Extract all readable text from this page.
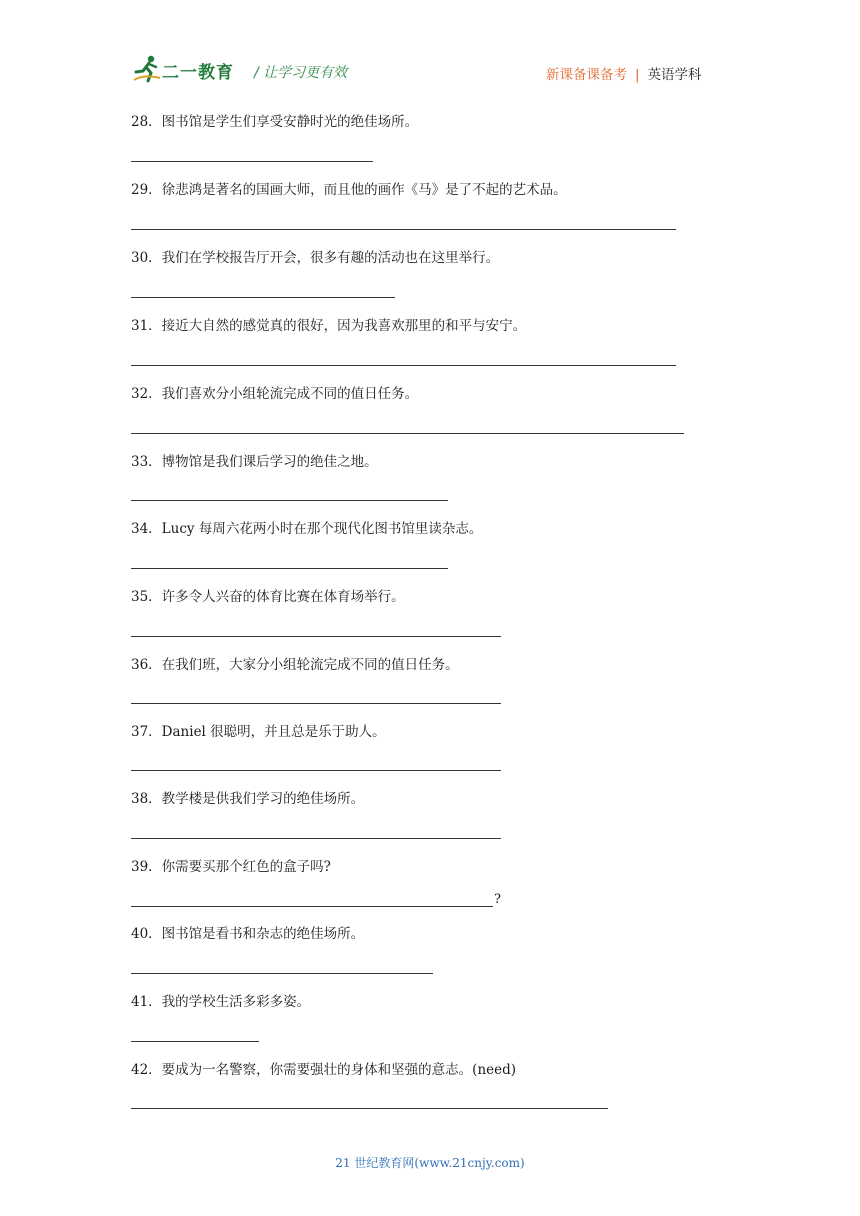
二一教育 / 让学习更有效	新课备课备考 | 英语学科
28．图书馆是学生们享受安静时光的绝佳场所。
29．徐悲鸿是著名的国画大师，而且他的画作《马》是了不起的艺术品。
30．我们在学校报告厅开会，很多有趣的活动也在这里举行。
31．接近大自然的感觉真的很好，因为我喜欢那里的和平与安宁。
32．我们喜欢分小组轮流完成不同的值日任务。
33．博物馆是我们课后学习的绝佳之地。
34．Lucy 每周六花两小时在那个现代化图书馆里读杂志。
35．许多令人兴奋的体育比赛在体育场举行。
36．在我们班，大家分小组轮流完成不同的值日任务。
37．Daniel 很聪明，并且总是乐于助人。
38．教学楼是供我们学习的绝佳场所。
39．你需要买那个红色的盒子吗?
?
40．图书馆是看书和杂志的绝佳场所。
41．我的学校生活多彩多姿。
42．要成为一名警察，你需要强壮的身体和坚强的意志。(need)
21 世纪教育网(www.21cnjy.com)
